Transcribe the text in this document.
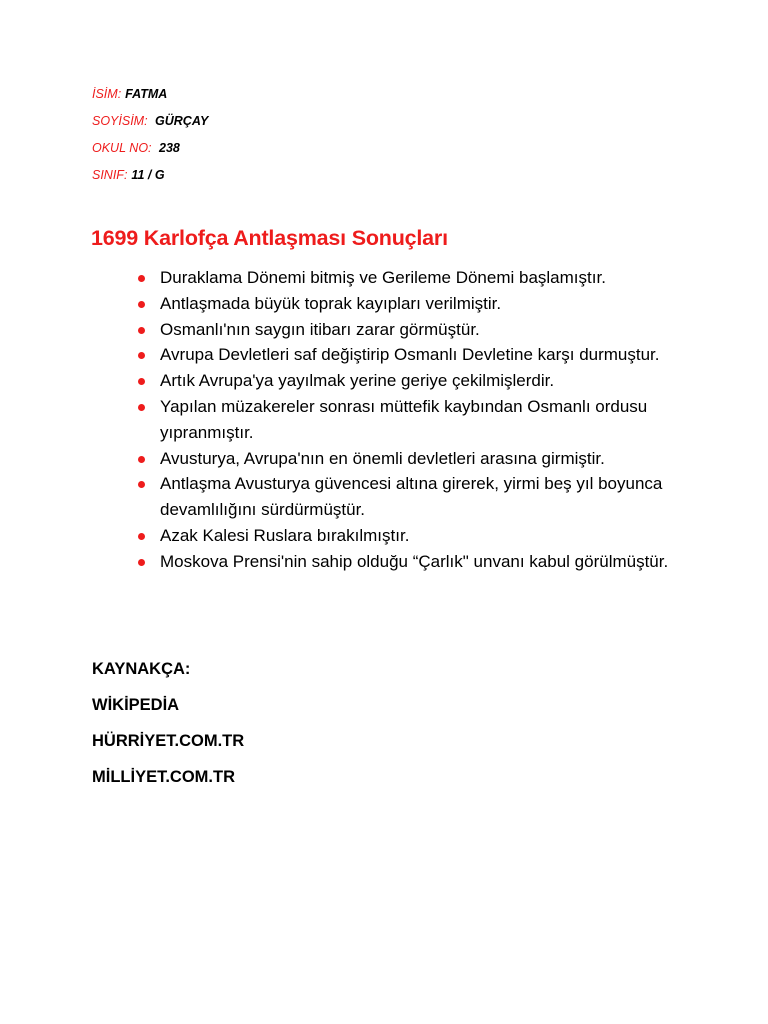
İSİM: FATMA
SOYİSİM: GÜRÇAY
OKUL NO: 238
SINIF: 11 / G
1699 Karlofça Antlaşması Sonuçları
Duraklama Dönemi bitmiş ve Gerileme Dönemi başlamıştır.
Antlaşmada büyük toprak kayıpları verilmiştir.
Osmanlı'nın saygın itibarı zarar görmüştür.
Avrupa Devletleri saf değiştirip Osmanlı Devletine karşı durmuştur.
Artık Avrupa'ya yayılmak yerine geriye çekilmişlerdir.
Yapılan müzakereler sonrası müttefik kaybından Osmanlı ordusu yıpranmıştır.
Avusturya, Avrupa'nın en önemli devletleri arasına girmiştir.
Antlaşma Avusturya güvencesi altına girerek, yirmi beş yıl boyunca devamlılığını sürdürmüştür.
Azak Kalesi Ruslara bırakılmıştır.
Moskova Prensi'nin sahip olduğu “Çarlık" unvanı kabul görülmüştür.
KAYNAKÇA:
WİKİPEDİA
HÜRRİYET.COM.TR
MİLLİYET.COM.TR
